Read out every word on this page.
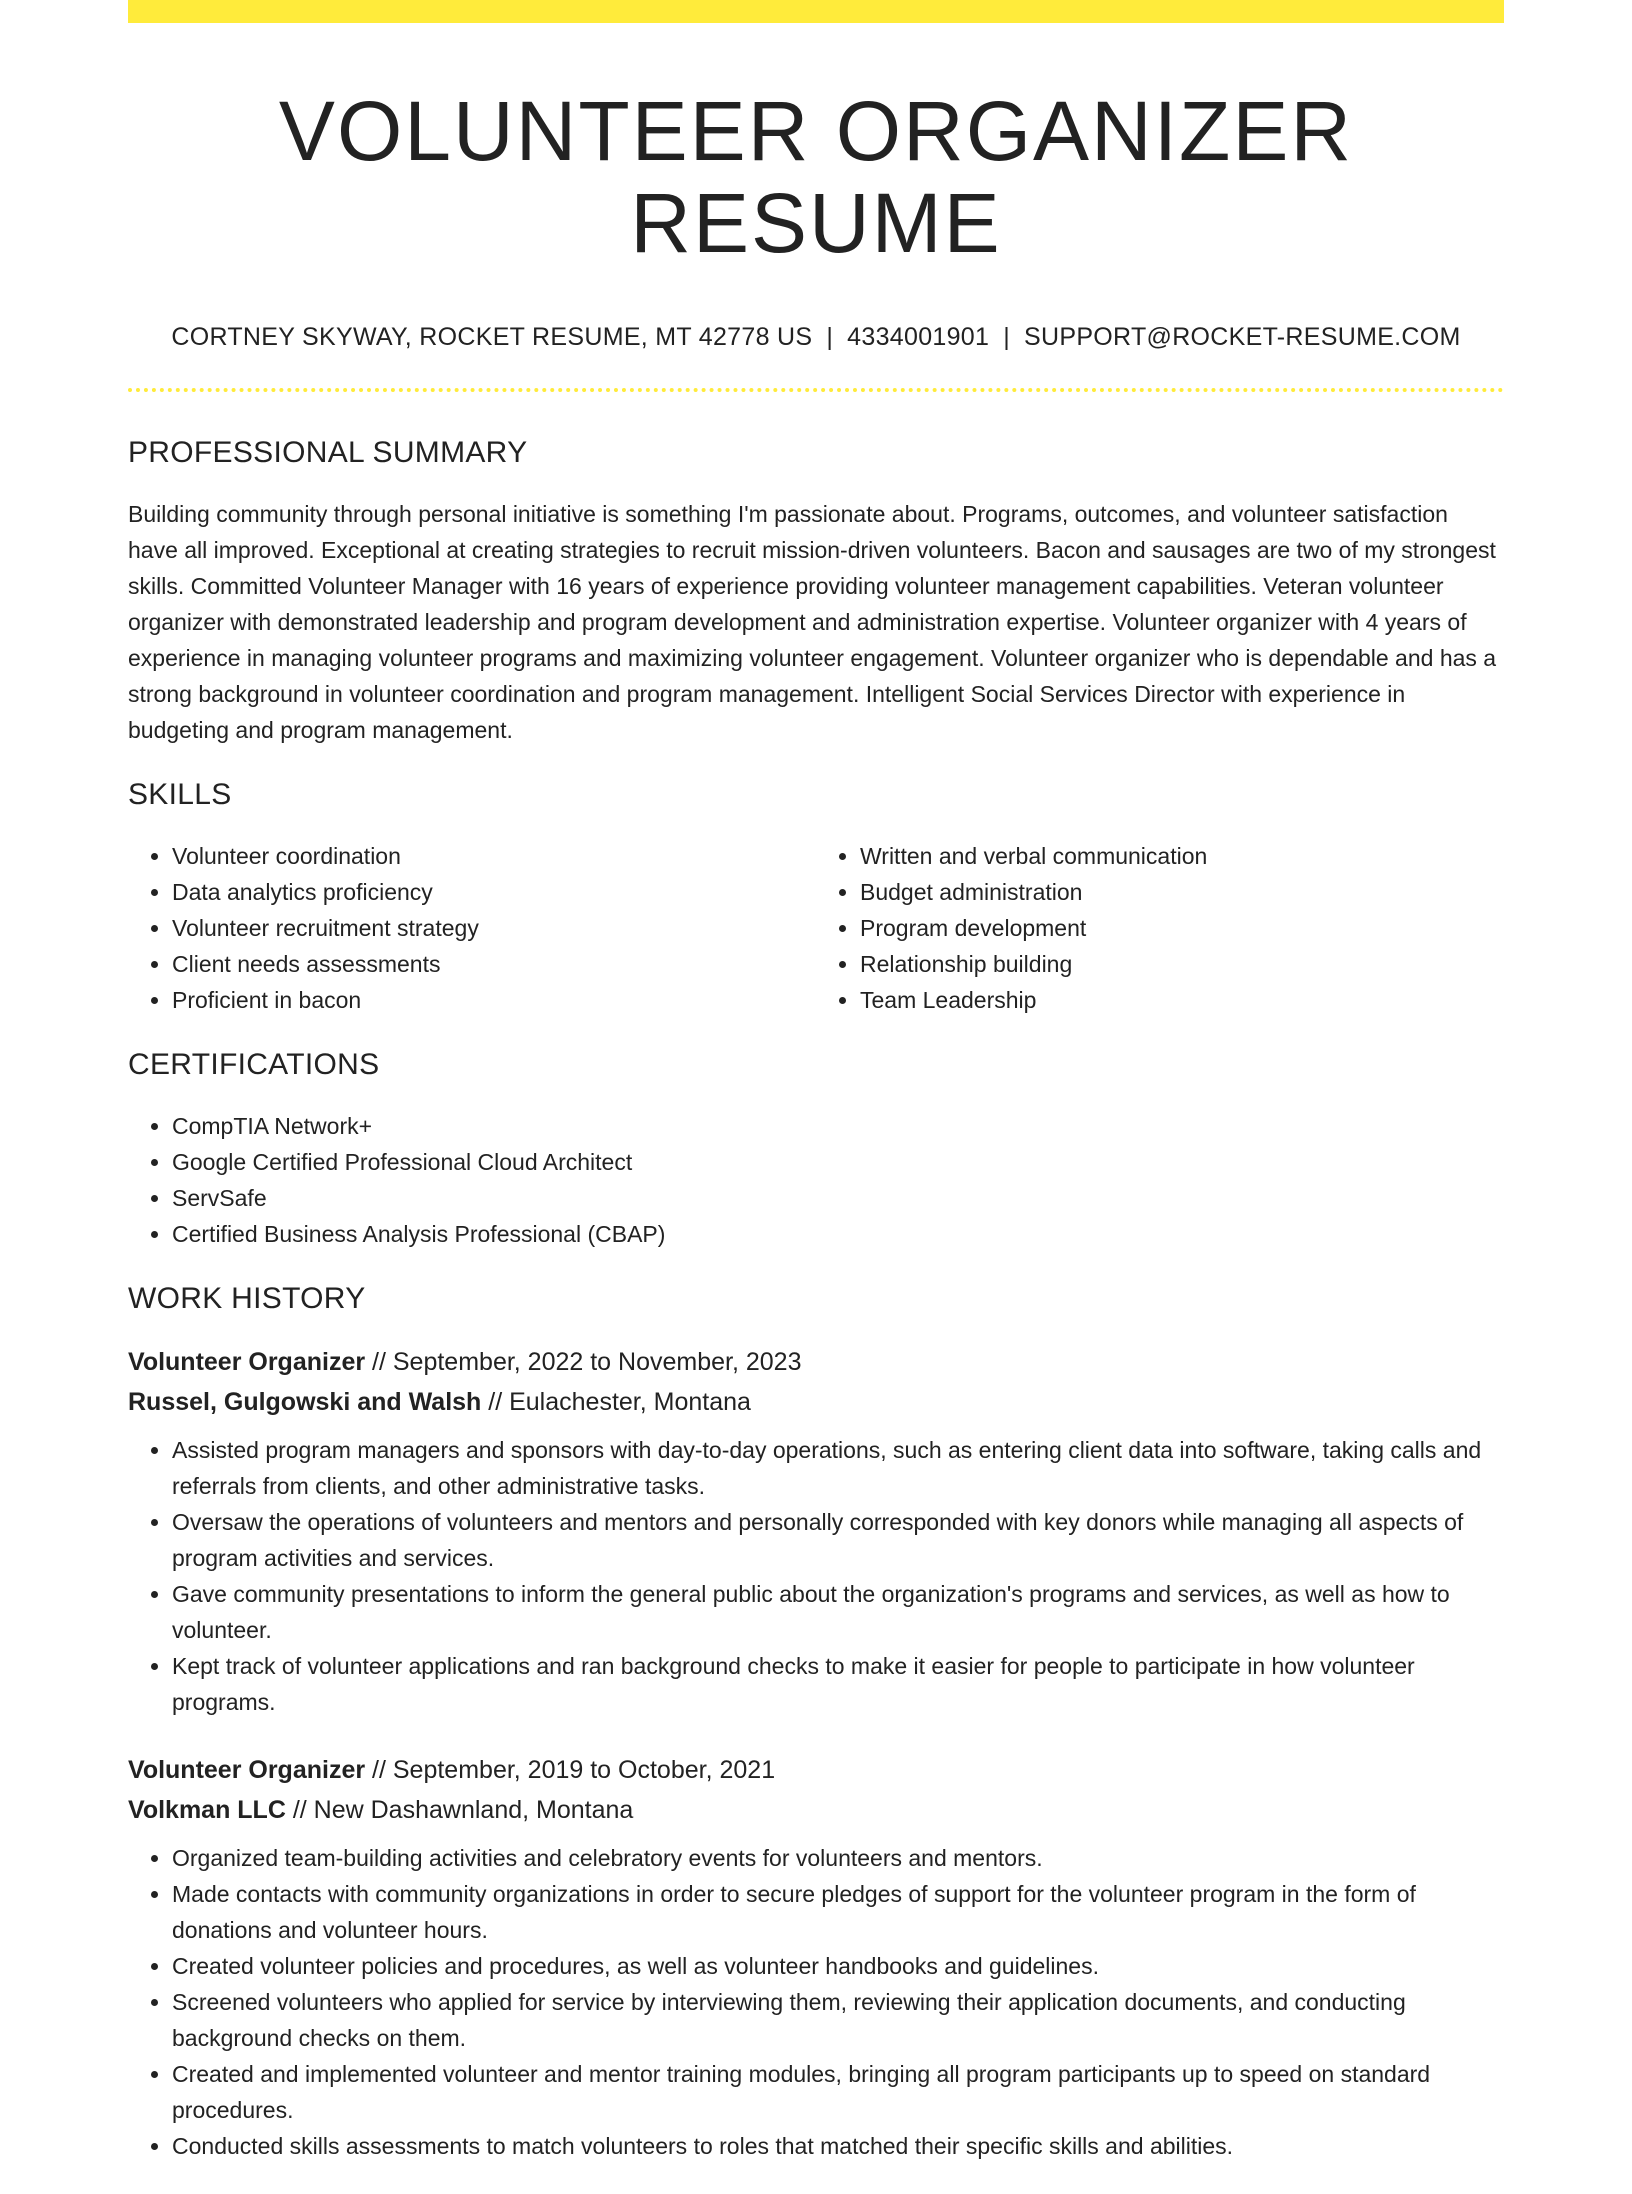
VOLUNTEER ORGANIZER RESUME
CORTNEY SKYWAY, ROCKET RESUME, MT 42778 US | 4334001901 | SUPPORT@ROCKET-RESUME.COM
PROFESSIONAL SUMMARY

Building community through personal initiative is something I'm passionate about. Programs, outcomes, and volunteer satisfaction have all improved. Exceptional at creating strategies to recruit mission-driven volunteers. Bacon and sausages are two of my strongest skills. Committed Volunteer Manager with 16 years of experience providing volunteer management capabilities. Veteran volunteer organizer with demonstrated leadership and program development and administration expertise. Volunteer organizer with 4 years of experience in managing volunteer programs and maximizing volunteer engagement. Volunteer organizer who is dependable and has a strong background in volunteer coordination and program management. Intelligent Social Services Director with experience in budgeting and program management.

SKILLS
• Volunteer coordination
• Data analytics proficiency
• Volunteer recruitment strategy
• Client needs assessments
• Proficient in bacon
• Written and verbal communication
• Budget administration
• Program development
• Relationship building
• Team Leadership
CERTIFICATIONS
• CompTIA Network+
• Google Certified Professional Cloud Architect
• ServSafe
• Certified Business Analysis Professional (CBAP)
WORK HISTORY
Volunteer Organizer // September, 2022 to November, 2023
Russel, Gulgowski and Walsh // Eulachester, Montana
• Assisted program managers and sponsors with day-to-day operations, such as entering client data into software, taking calls and referrals from clients, and other administrative tasks.
• Oversaw the operations of volunteers and mentors and personally corresponded with key donors while managing all aspects of program activities and services.
• Gave community presentations to inform the general public about the organization's programs and services, as well as how to volunteer.
• Kept track of volunteer applications and ran background checks to make it easier for people to participate in how volunteer programs.
Volunteer Organizer // September, 2019 to October, 2021
Volkman LLC // New Dashawnland, Montana
• Organized team-building activities and celebratory events for volunteers and mentors.
• Made contacts with community organizations in order to secure pledges of support for the volunteer program in the form of donations and volunteer hours.
• Created volunteer policies and procedures, as well as volunteer handbooks and guidelines.
• Screened volunteers who applied for service by interviewing them, reviewing their application documents, and conducting background checks on them.
• Created and implemented volunteer and mentor training modules, bringing all program participants up to speed on standard procedures.
• Conducted skills assessments to match volunteers to roles that matched their specific skills and abilities.
